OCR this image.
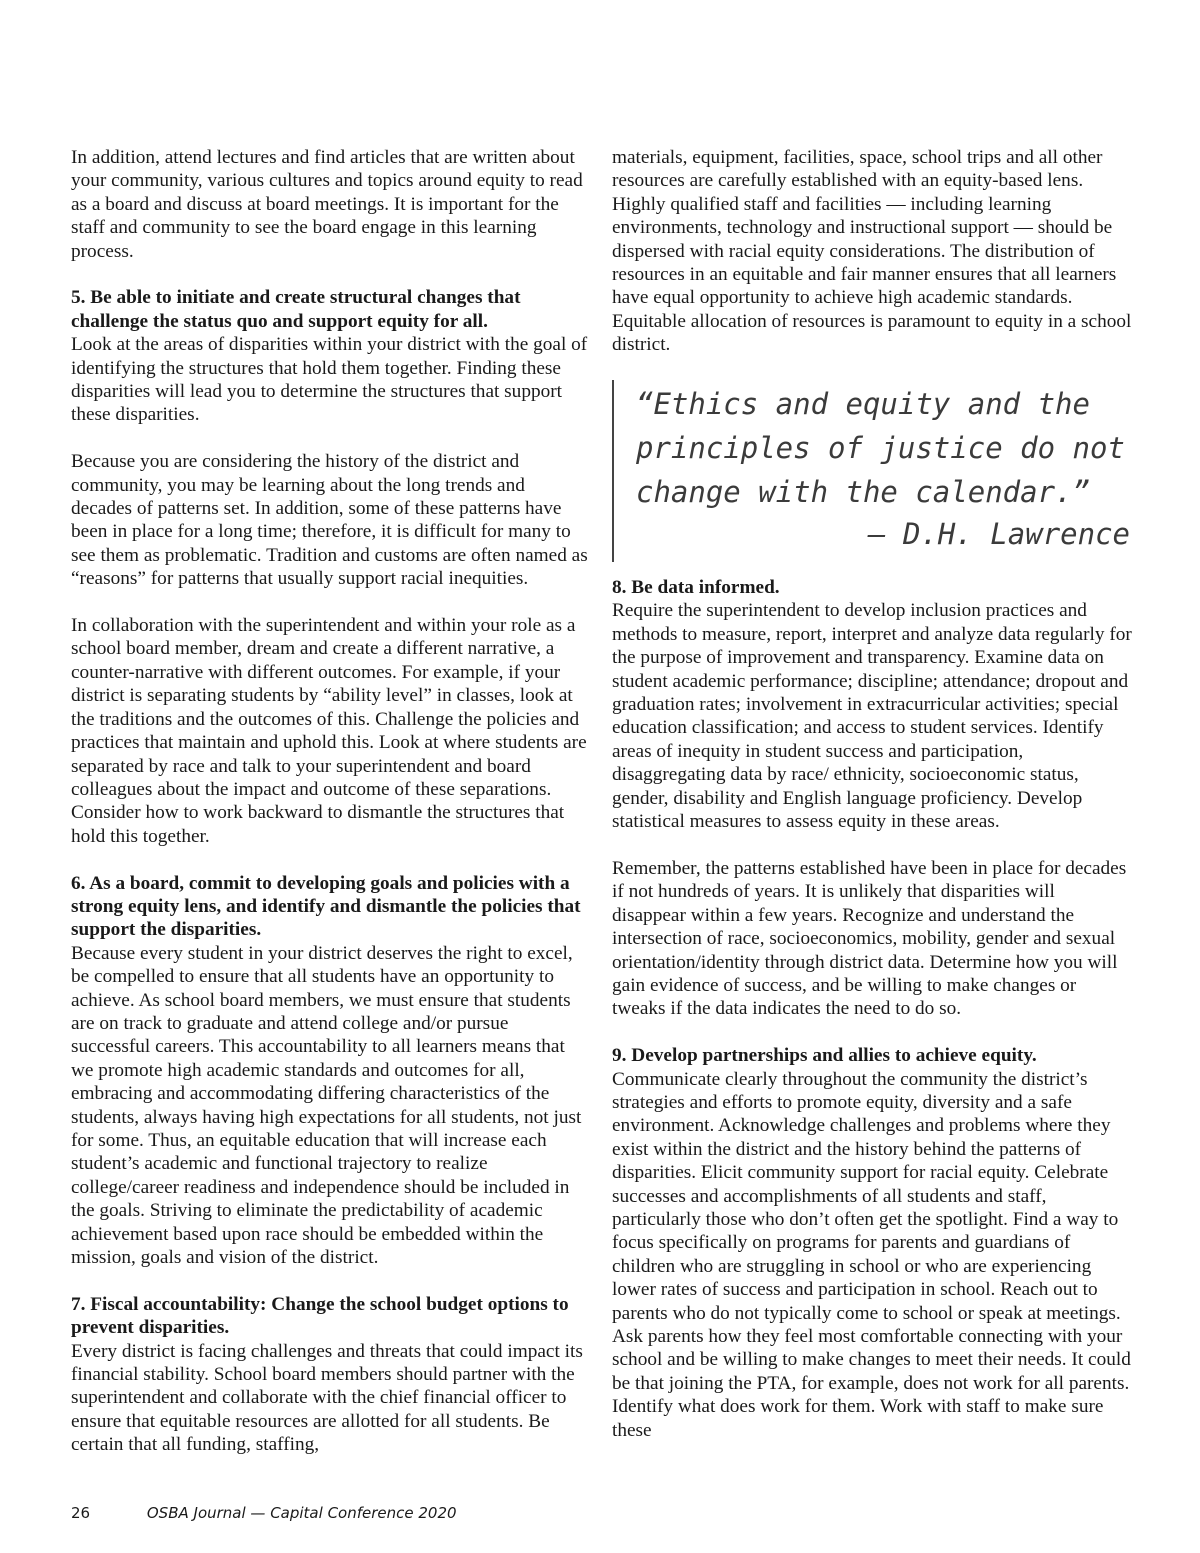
In addition, attend lectures and find articles that are written about your community, various cultures and topics around equity to read as a board and discuss at board meetings. It is important for the staff and community to see the board engage in this learning process.

5. Be able to initiate and create structural changes that challenge the status quo and support equity for all.

Look at the areas of disparities within your district with the goal of identifying the structures that hold them together. Finding these disparities will lead you to determine the structures that support these disparities.

Because you are considering the history of the district and community, you may be learning about the long trends and decades of patterns set. In addition, some of these patterns have been in place for a long time; therefore, it is difficult for many to see them as problematic. Tradition and customs are often named as “reasons” for patterns that usually support racial inequities.

In collaboration with the superintendent and within your role as a school board member, dream and create a different narrative, a counter-narrative with different outcomes. For example, if your district is separating students by “ability level” in classes, look at the traditions and the outcomes of this. Challenge the policies and practices that maintain and uphold this. Look at where students are separated by race and talk to your superintendent and board colleagues about the impact and outcome of these separations. Consider how to work backward to dismantle the structures that hold this together.

6. As a board, commit to developing goals and policies with a strong equity lens, and identify and dismantle the policies that support the disparities.

Because every student in your district deserves the right to excel, be compelled to ensure that all students have an opportunity to achieve. As school board members, we must ensure that students are on track to graduate and attend college and/or pursue successful careers. This accountability to all learners means that we promote high academic standards and outcomes for all, embracing and accommodating differing characteristics of the students, always having high expectations for all students, not just for some. Thus, an equitable education that will increase each student’s academic and functional trajectory to realize college/career readiness and independence should be included in the goals. Striving to eliminate the predictability of academic achievement based upon race should be embedded within the mission, goals and vision of the district.

7. Fiscal accountability: Change the school budget options to prevent disparities.

Every district is facing challenges and threats that could impact its financial stability. School board members should partner with the superintendent and collaborate with the chief financial officer to ensure that equitable resources are allotted for all students. Be certain that all funding, staffing,

materials, equipment, facilities, space, school trips and all other resources are carefully established with an equity-based lens. Highly qualified staff and facilities — including learning environments, technology and instructional support — should be dispersed with racial equity considerations. The distribution of resources in an equitable and fair manner ensures that all learners have equal opportunity to achieve high academic standards. Equitable allocation of resources is paramount to equity in a school district.

“Ethics and equity and the principles of justice do not change with the calendar.”
— D.H. Lawrence
8. Be data informed.

Require the superintendent to develop inclusion practices and methods to measure, report, interpret and analyze data regularly for the purpose of improvement and transparency. Examine data on student academic performance; discipline; attendance; dropout and graduation rates; involvement in extracurricular activities; special education classification; and access to student services. Identify areas of inequity in student success and participation, disaggregating data by race/ ethnicity, socioeconomic status, gender, disability and English language proficiency. Develop statistical measures to assess equity in these areas.

Remember, the patterns established have been in place for decades if not hundreds of years. It is unlikely that disparities will disappear within a few years. Recognize and understand the intersection of race, socioeconomics, mobility, gender and sexual orientation/identity through district data. Determine how you will gain evidence of success, and be willing to make changes or tweaks if the data indicates the need to do so.

9. Develop partnerships and allies to achieve equity.

Communicate clearly throughout the community the district’s strategies and efforts to promote equity, diversity and a safe environment. Acknowledge challenges and problems where they exist within the district and the history behind the patterns of disparities. Elicit community support for racial equity. Celebrate successes and accomplishments of all students and staff, particularly those who don’t often get the spotlight. Find a way to focus specifically on programs for parents and guardians of children who are struggling in school or who are experiencing lower rates of success and participation in school. Reach out to parents who do not typically come to school or speak at meetings. Ask parents how they feel most comfortable connecting with your school and be willing to make changes to meet their needs. It could be that joining the PTA, for example, does not work for all parents. Identify what does work for them. Work with staff to make sure these

26	OSBA Journal — Capital Conference 2020
